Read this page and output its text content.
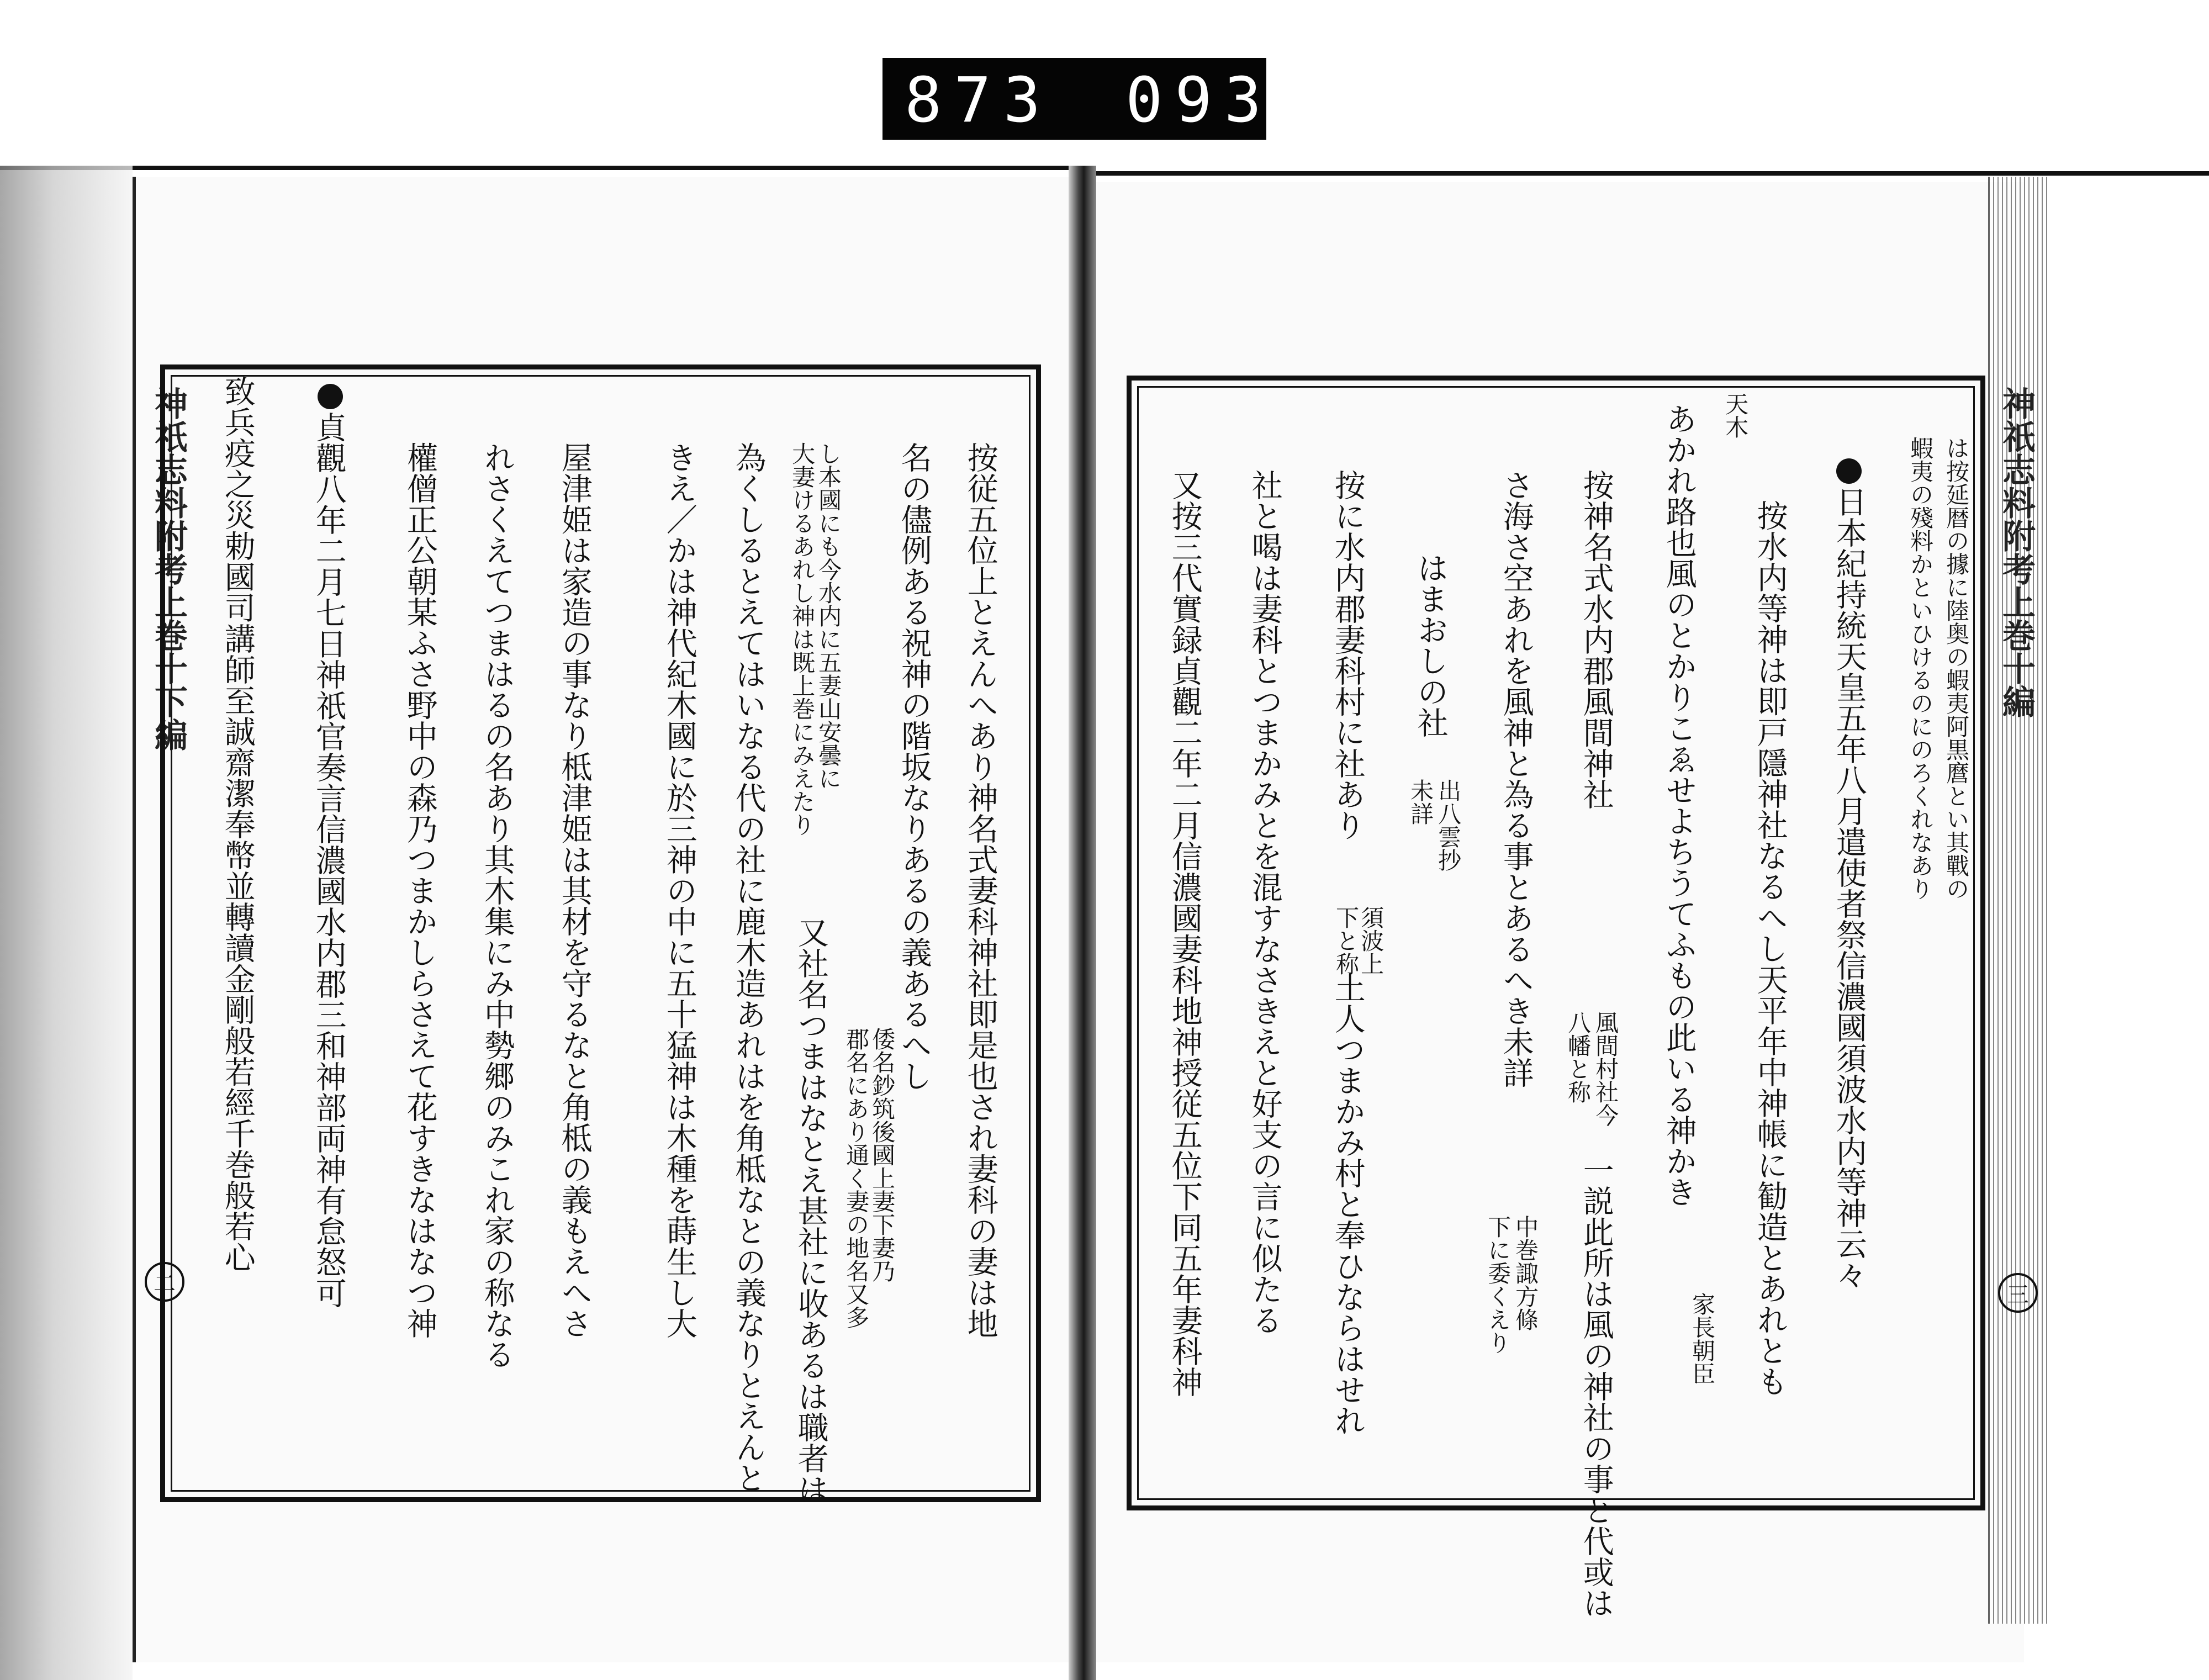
873 093
神祇志料附考上巻十下編
二	按従五位上とえんへあり神名式妻科神社即是也され妻科の妻は地
名の儘例ある祝神の階坂なりあるの義あるへし
倭名鈔筑後國上妻下妻乃
郡名にあり通く妻の地名又多
し本國にも今水内に五妻山安曇に
大妻けるあれし神は既上巻にみえたり
又社名つまはなとえ甚社に收あるは職者は
為くしるとえてはいなる代の社に鹿木造あれはを角柢なとの義なりとえんと
きえ／かは神代紀木國に於三神の中に五十猛神は木種を蒔生し大
屋津姫は家造の事なり柢津姫は其材を守るなと角柢の義もえへさ
れさくえてつまはるの名あり其木集にみ中勢郷のみこれ家の称なる
權僧正公朝某ふさ野中の森乃つまかしらさえて花すきなはなつ神
貞觀八年二月七日神祇官奏言信濃國水内郡三和神部両神有怠怒可
致兵疫之災勅國司講師至誠齋潔奉幣並轉讀金剛般若經千巻般若心	神祇志料附考上巻十編
三
は按延暦の據に陸奥の蝦夷阿黒麿とい其戰の
蝦夷の殘料かといひけるのにのろくれなあり
日本紀持統天皇五年八月遣使者祭信濃國須波水内等神云々
按水内等神は即戸隱神社なるへし天平年中神帳に勧造とあれとも
家長朝臣
天木
あかれ路也風のとかりこゑせよちうてふもの此いる神かき
按神名式水内郡風間神社
風間村社今
八幡と称
一説此所は風の神社の事と代或は
さ海さ空あれを風神と為る事とあるへき未詳
中巻諏方條
下に委くえり
はまおしの社
出八雲抄
未詳
按に水内郡妻科村に社あり
須波上
下と称
土人つまかみ村と奉ひならはせれ
社と喝は妻科とつまかみとを混すなさきえと好支の言に似たる
又按三代實録貞觀二年二月信濃國妻科地神授従五位下同五年妻科神
